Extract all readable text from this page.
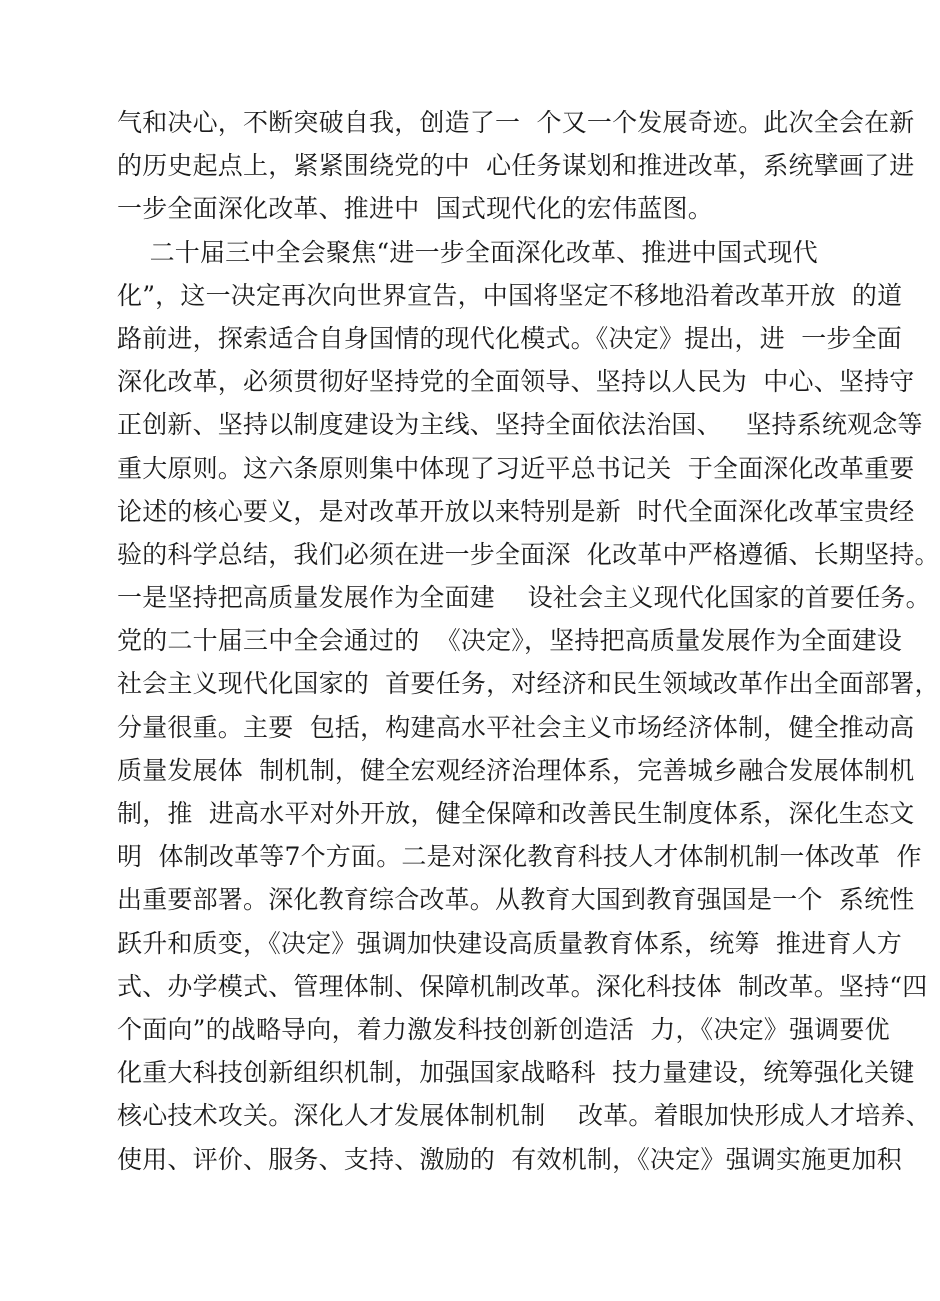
气和决心，不断突破自我，创造了一  个又一个发展奇迹。此次全会在新
的历史起点上，紧紧围绕党的中  心任务谋划和推进改革，系统擘画了进
一步全面深化改革、推进中  国式现代化的宏伟蓝图。
二十届三中全会聚焦“进一步全面深化改革、推进中国式现代
化”，这一决定再次向世界宣告，中国将坚定不移地沿着改革开放  的道
路前进，探索适合自身国情的现代化模式。《决定》提出，进  一步全面
深化改革，必须贯彻好坚持党的全面领导、坚持以人民为  中心、坚持守
正创新、坚持以制度建设为主线、坚持全面依法治国、   坚持系统观念等
重大原则。这六条原则集中体现了习近平总书记关  于全面深化改革重要
论述的核心要义，是对改革开放以来特别是新  时代全面深化改革宝贵经
验的科学总结，我们必须在进一步全面深  化改革中严格遵循、长期坚持。
一是坚持把高质量发展作为全面建    设社会主义现代化国家的首要任务。
党的二十届三中全会通过的  《决定》，坚持把高质量发展作为全面建设
社会主义现代化国家的  首要任务，对经济和民生领域改革作出全面部署，
分量很重。主要  包括，构建高水平社会主义市场经济体制，健全推动高
质量发展体  制机制，健全宏观经济治理体系，完善城乡融合发展体制机
制，推  进高水平对外开放，健全保障和改善民生制度体系，深化生态文
明  体制改革等7个方面。二是对深化教育科技人才体制机制一体改革  作
出重要部署。深化教育综合改革。从教育大国到教育强国是一个  系统性
跃升和质变，《决定》强调加快建设高质量教育体系，统筹  推进育人方
式、办学模式、管理体制、保障机制改革。深化科技体  制改革。坚持“四
个面向”的战略导向，着力激发科技创新创造活  力，《决定》强调要优
化重大科技创新组织机制，加强国家战略科  技力量建设，统筹强化关键
核心技术攻关。深化人才发展体制机制    改革。着眼加快形成人才培养、
使用、评价、服务、支持、激励的  有效机制，《决定》强调实施更加积
